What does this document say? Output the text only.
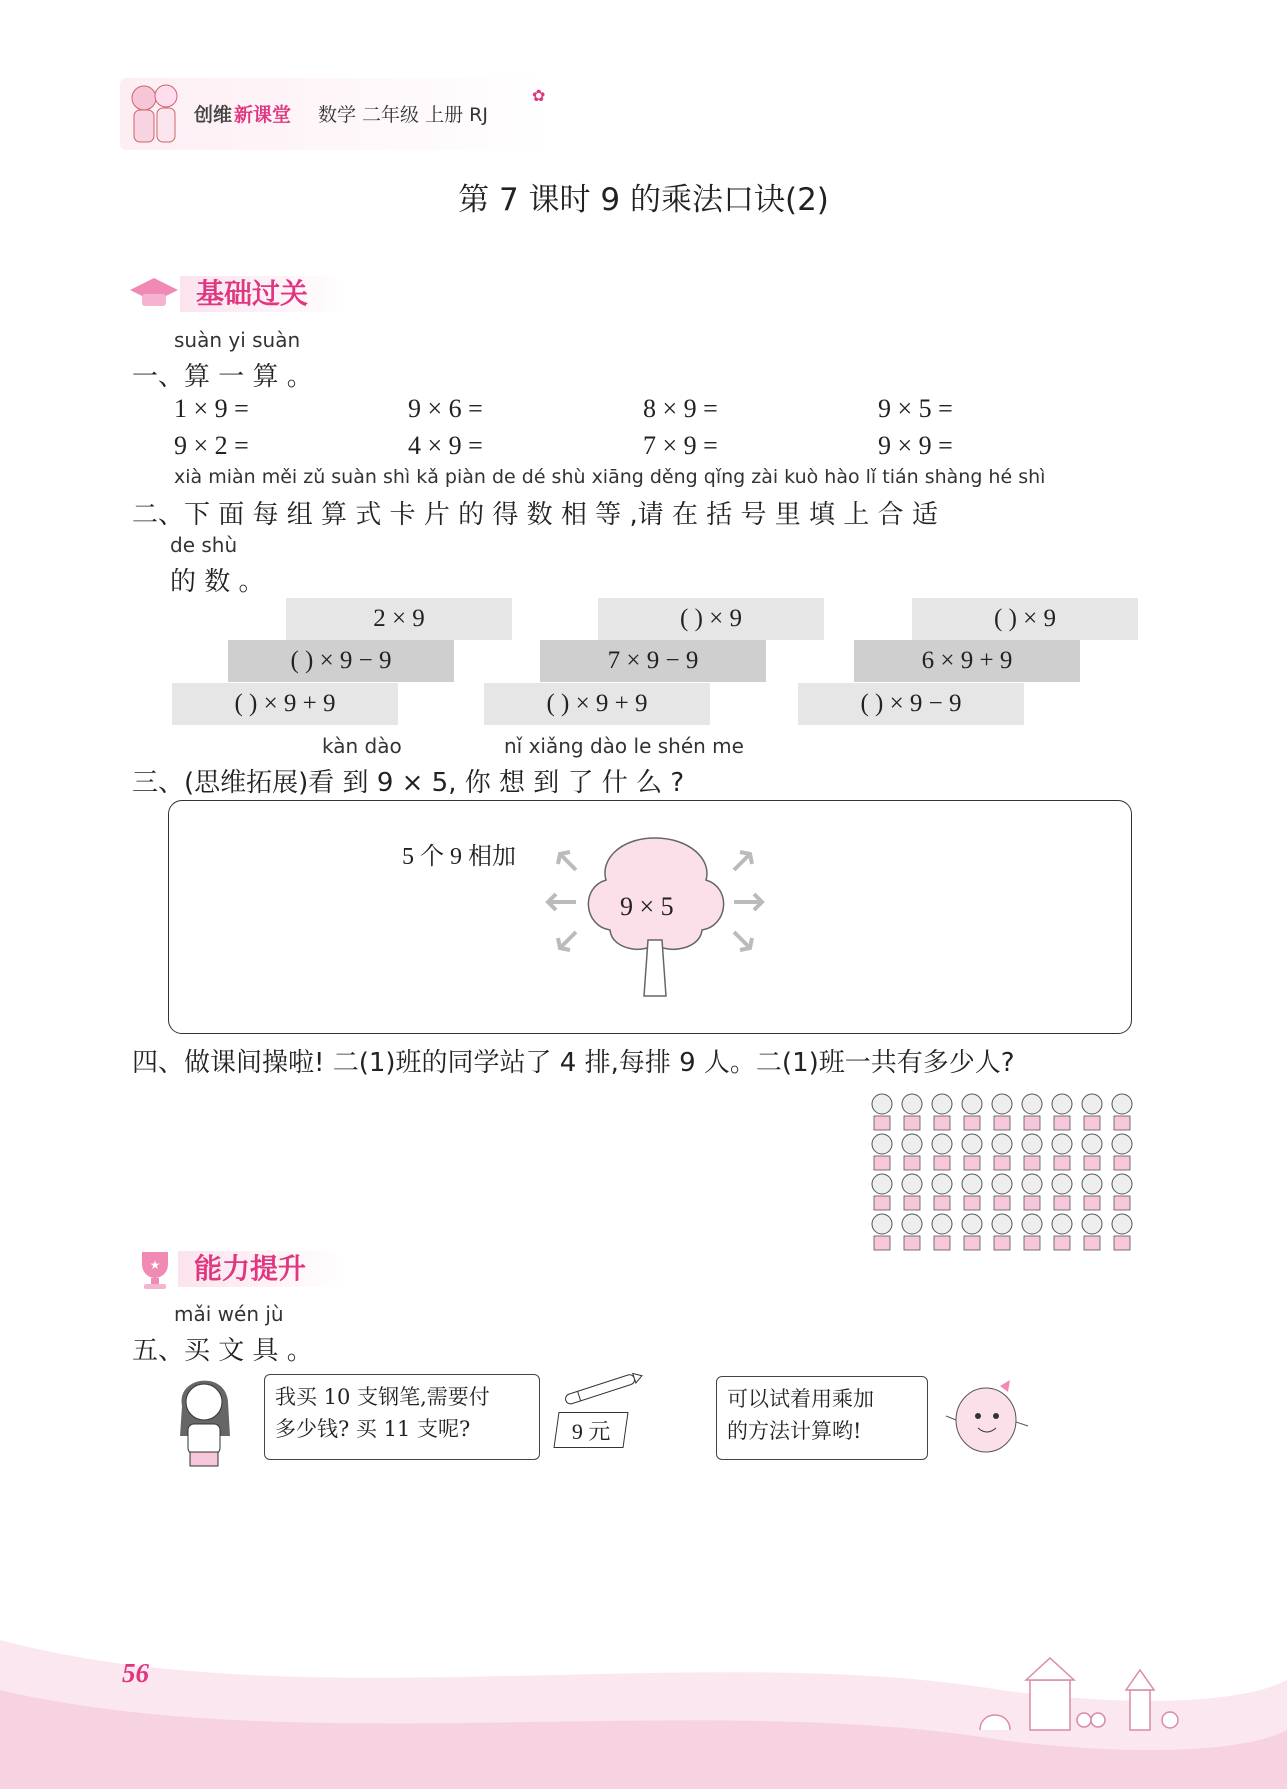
创维 新课堂 数学 二年级 上册 RJ
✿
第 7 课时 9 的乘法口诀(2)
基础过关
suàn yi suàn
一、算 一 算 。
1 × 9 =	9 × 6 =	8 × 9 =	9 × 5 =
9 × 2 =	4 × 9 =	7 × 9 =	9 × 9 =
xià miàn měi zǔ suàn shì kǎ piàn de dé shù xiāng děng qǐng zài kuò hào lǐ tián shàng hé shì
二、下 面 每 组 算 式 卡 片 的 得 数 相 等 ,请 在 括 号 里 填 上 合 适
de shù
的 数 。
2 × 9
( ) × 9 − 9
( ) × 9 + 9
( ) × 9
7 × 9 − 9
( ) × 9 + 9
( ) × 9
6 × 9 + 9
( ) × 9 − 9
kàn dào	nǐ xiǎng dào le shén me
三、(思维拓展)看 到 9 × 5, 你 想 到 了 什 么 ?
5 个 9 相加
9 × 5
四、做课间操啦! 二(1)班的同学站了 4 排,每排 9 人。二(1)班一共有多少人?
★	能力提升
mǎi wén jù
五、买 文 具 。
我买 10 支钢笔,需要付
多少钱? 买 11 支呢?	9 元
可以试着用乘加
的方法计算哟!
56
